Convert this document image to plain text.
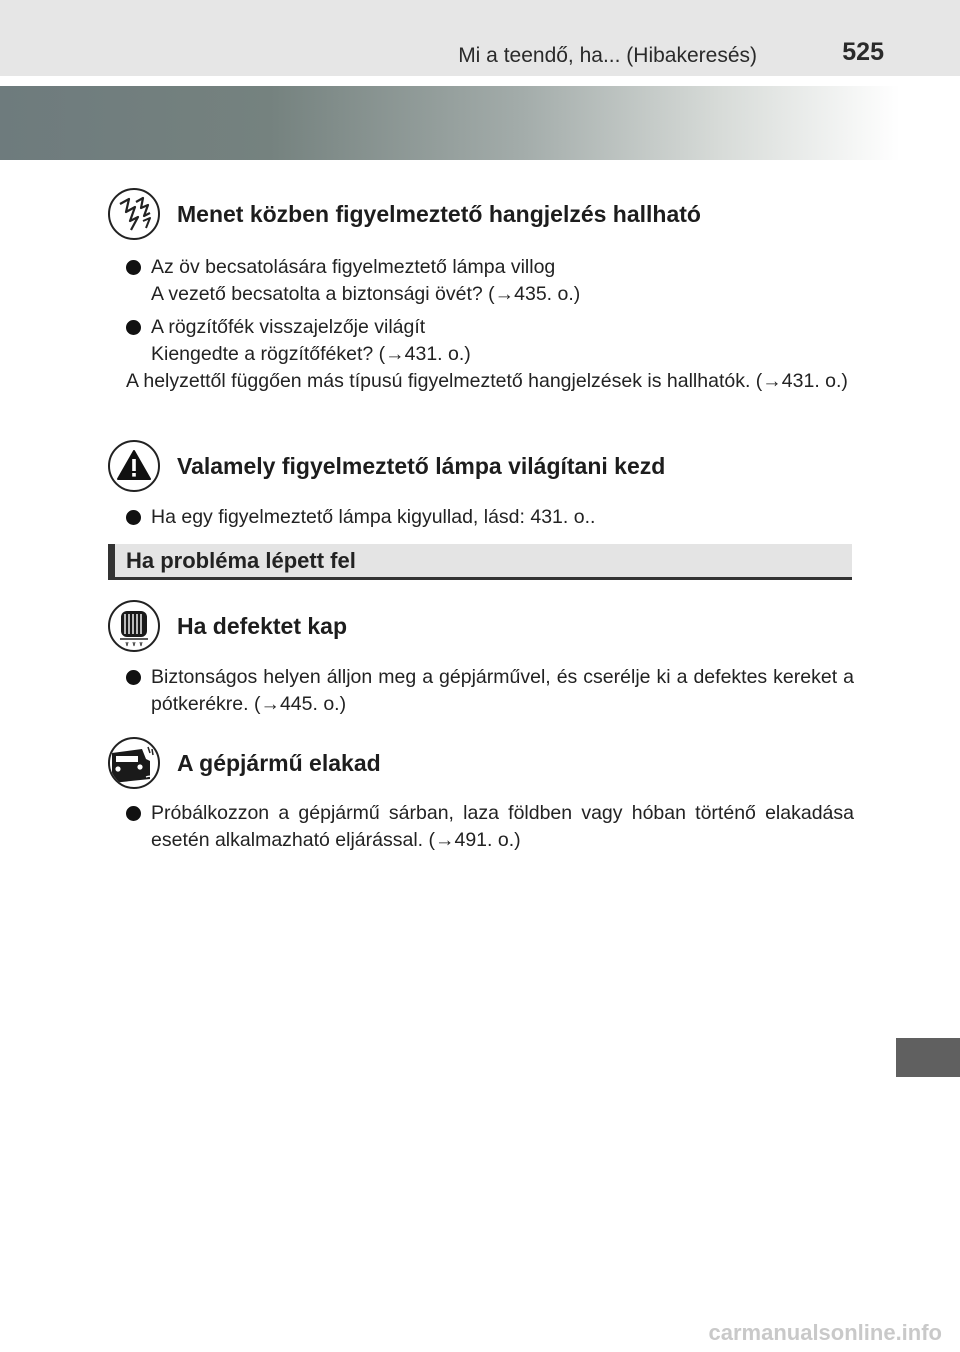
Mi a teendő, ha... (Hibakeresés)	525
Menet közben figyelmeztető hangjelzés hallható
Az öv becsatolására figyelmeztető lámpa villog
A vezető becsatolta a biztonsági övét? (→435. o.)
A rögzítőfék visszajelzője világít
Kiengedte a rögzítőféket? (→431. o.)
A helyzettől függően más típusú figyelmeztető hangjelzések is hallhatók. (→431. o.)
Valamely figyelmeztető lámpa világítani kezd
Ha egy figyelmeztető lámpa kigyullad, lásd: 431. o..
Ha probléma lépett fel
Ha defektet kap
Biztonságos helyen álljon meg a gépjárművel, és cserélje ki a defektes kereket a pótkerékre. (→445. o.)
A gépjármű elakad
Próbálkozzon a gépjármű sárban, laza földben vagy hóban történő elakadása esetén alkalmazható eljárással. (→491. o.)
carmanualsonline.info
